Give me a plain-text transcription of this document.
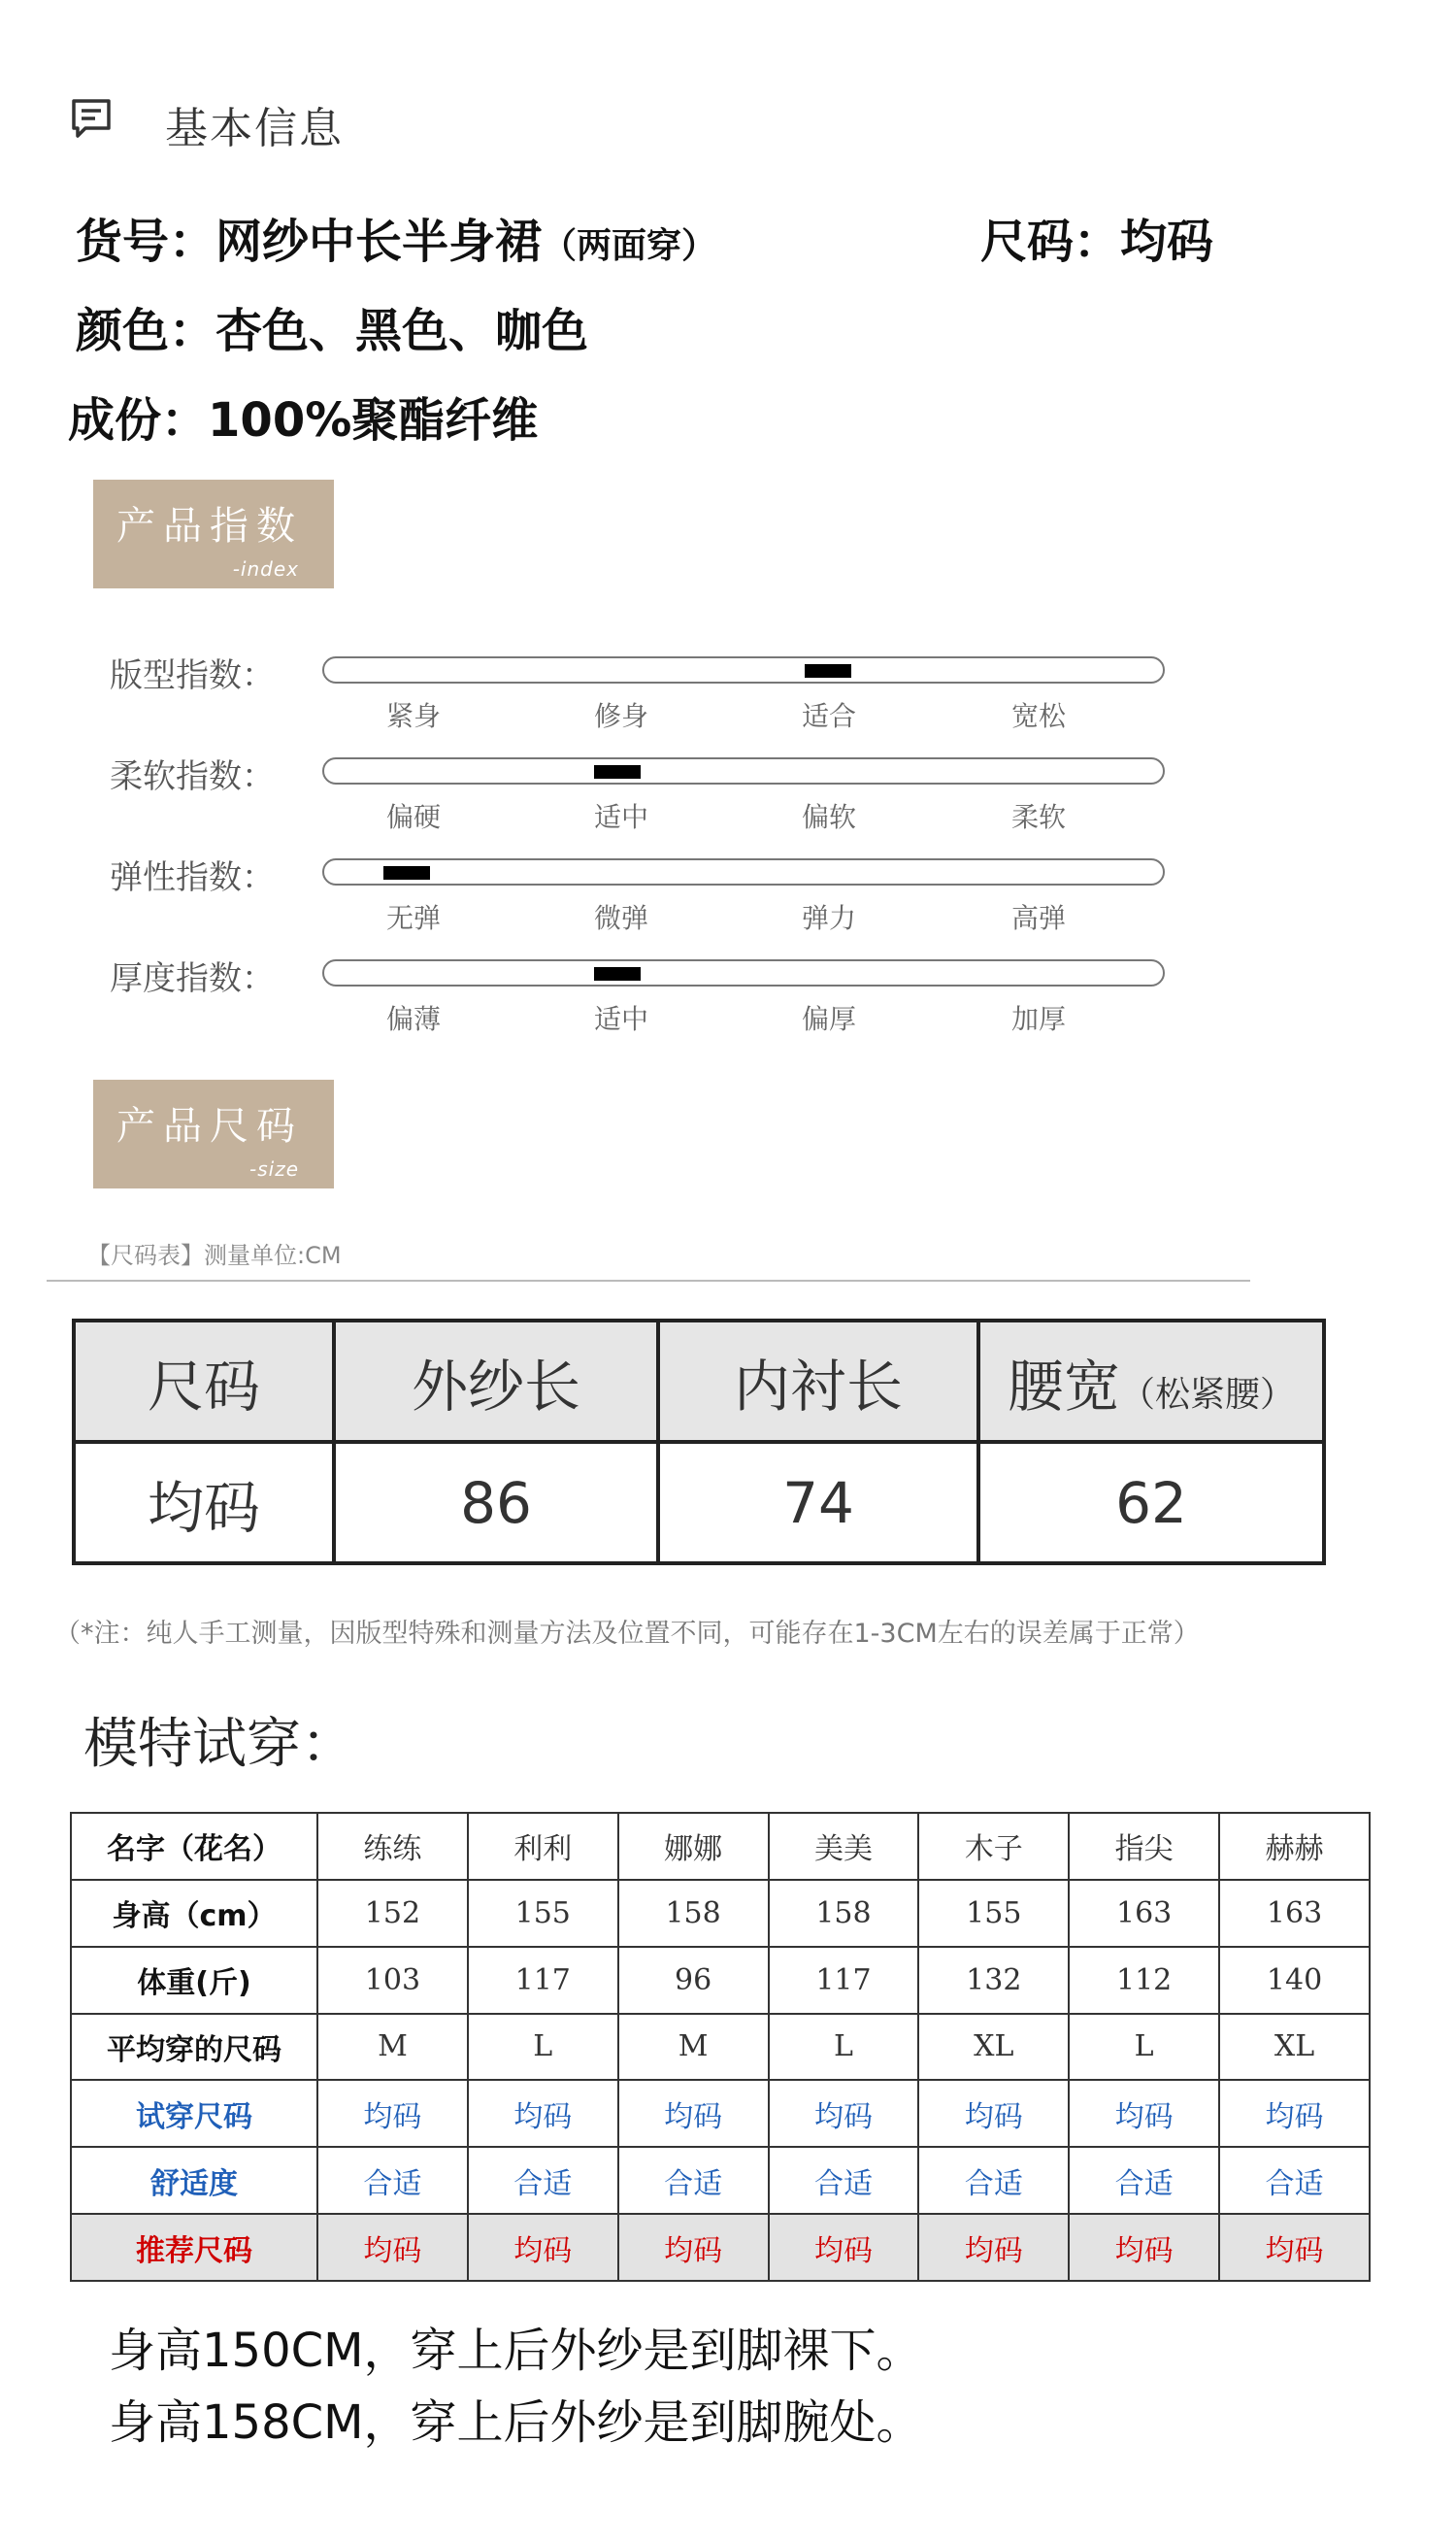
基本信息
货号：网纱中长半身裙（两面穿）	尺码：均码
颜色：杏色、黑色、咖色
成份：100%聚酯纤维
产品指数
-index
版型指数：
紧身	修身	适合	宽松
柔软指数：
偏硬	适中	偏软	柔软
弹性指数：
无弹	微弹	弹力	高弹
厚度指数：
偏薄	适中	偏厚	加厚
产品尺码
-size
【尺码表】测量单位:CM
尺码	外纱长	内衬长	腰宽（松紧腰）
均码	86	74	62
（*注：纯人手工测量，因版型特殊和测量方法及位置不同，可能存在1-3CM左右的误差属于正常）
模特试穿：
名字（花名）	练练	利利	娜娜	美美	木子	指尖	赫赫
身高（cm）	152	155	158	158	155	163	163
体重(斤)	103	117	96	117	132	112	140
平均穿的尺码	M	L	M	L	XL	L	XL
试穿尺码	均码	均码	均码	均码	均码	均码	均码
舒适度	合适	合适	合适	合适	合适	合适	合适
推荐尺码	均码	均码	均码	均码	均码	均码	均码
身高150CM，穿上后外纱是到脚裸下。
身高158CM，穿上后外纱是到脚腕处。
